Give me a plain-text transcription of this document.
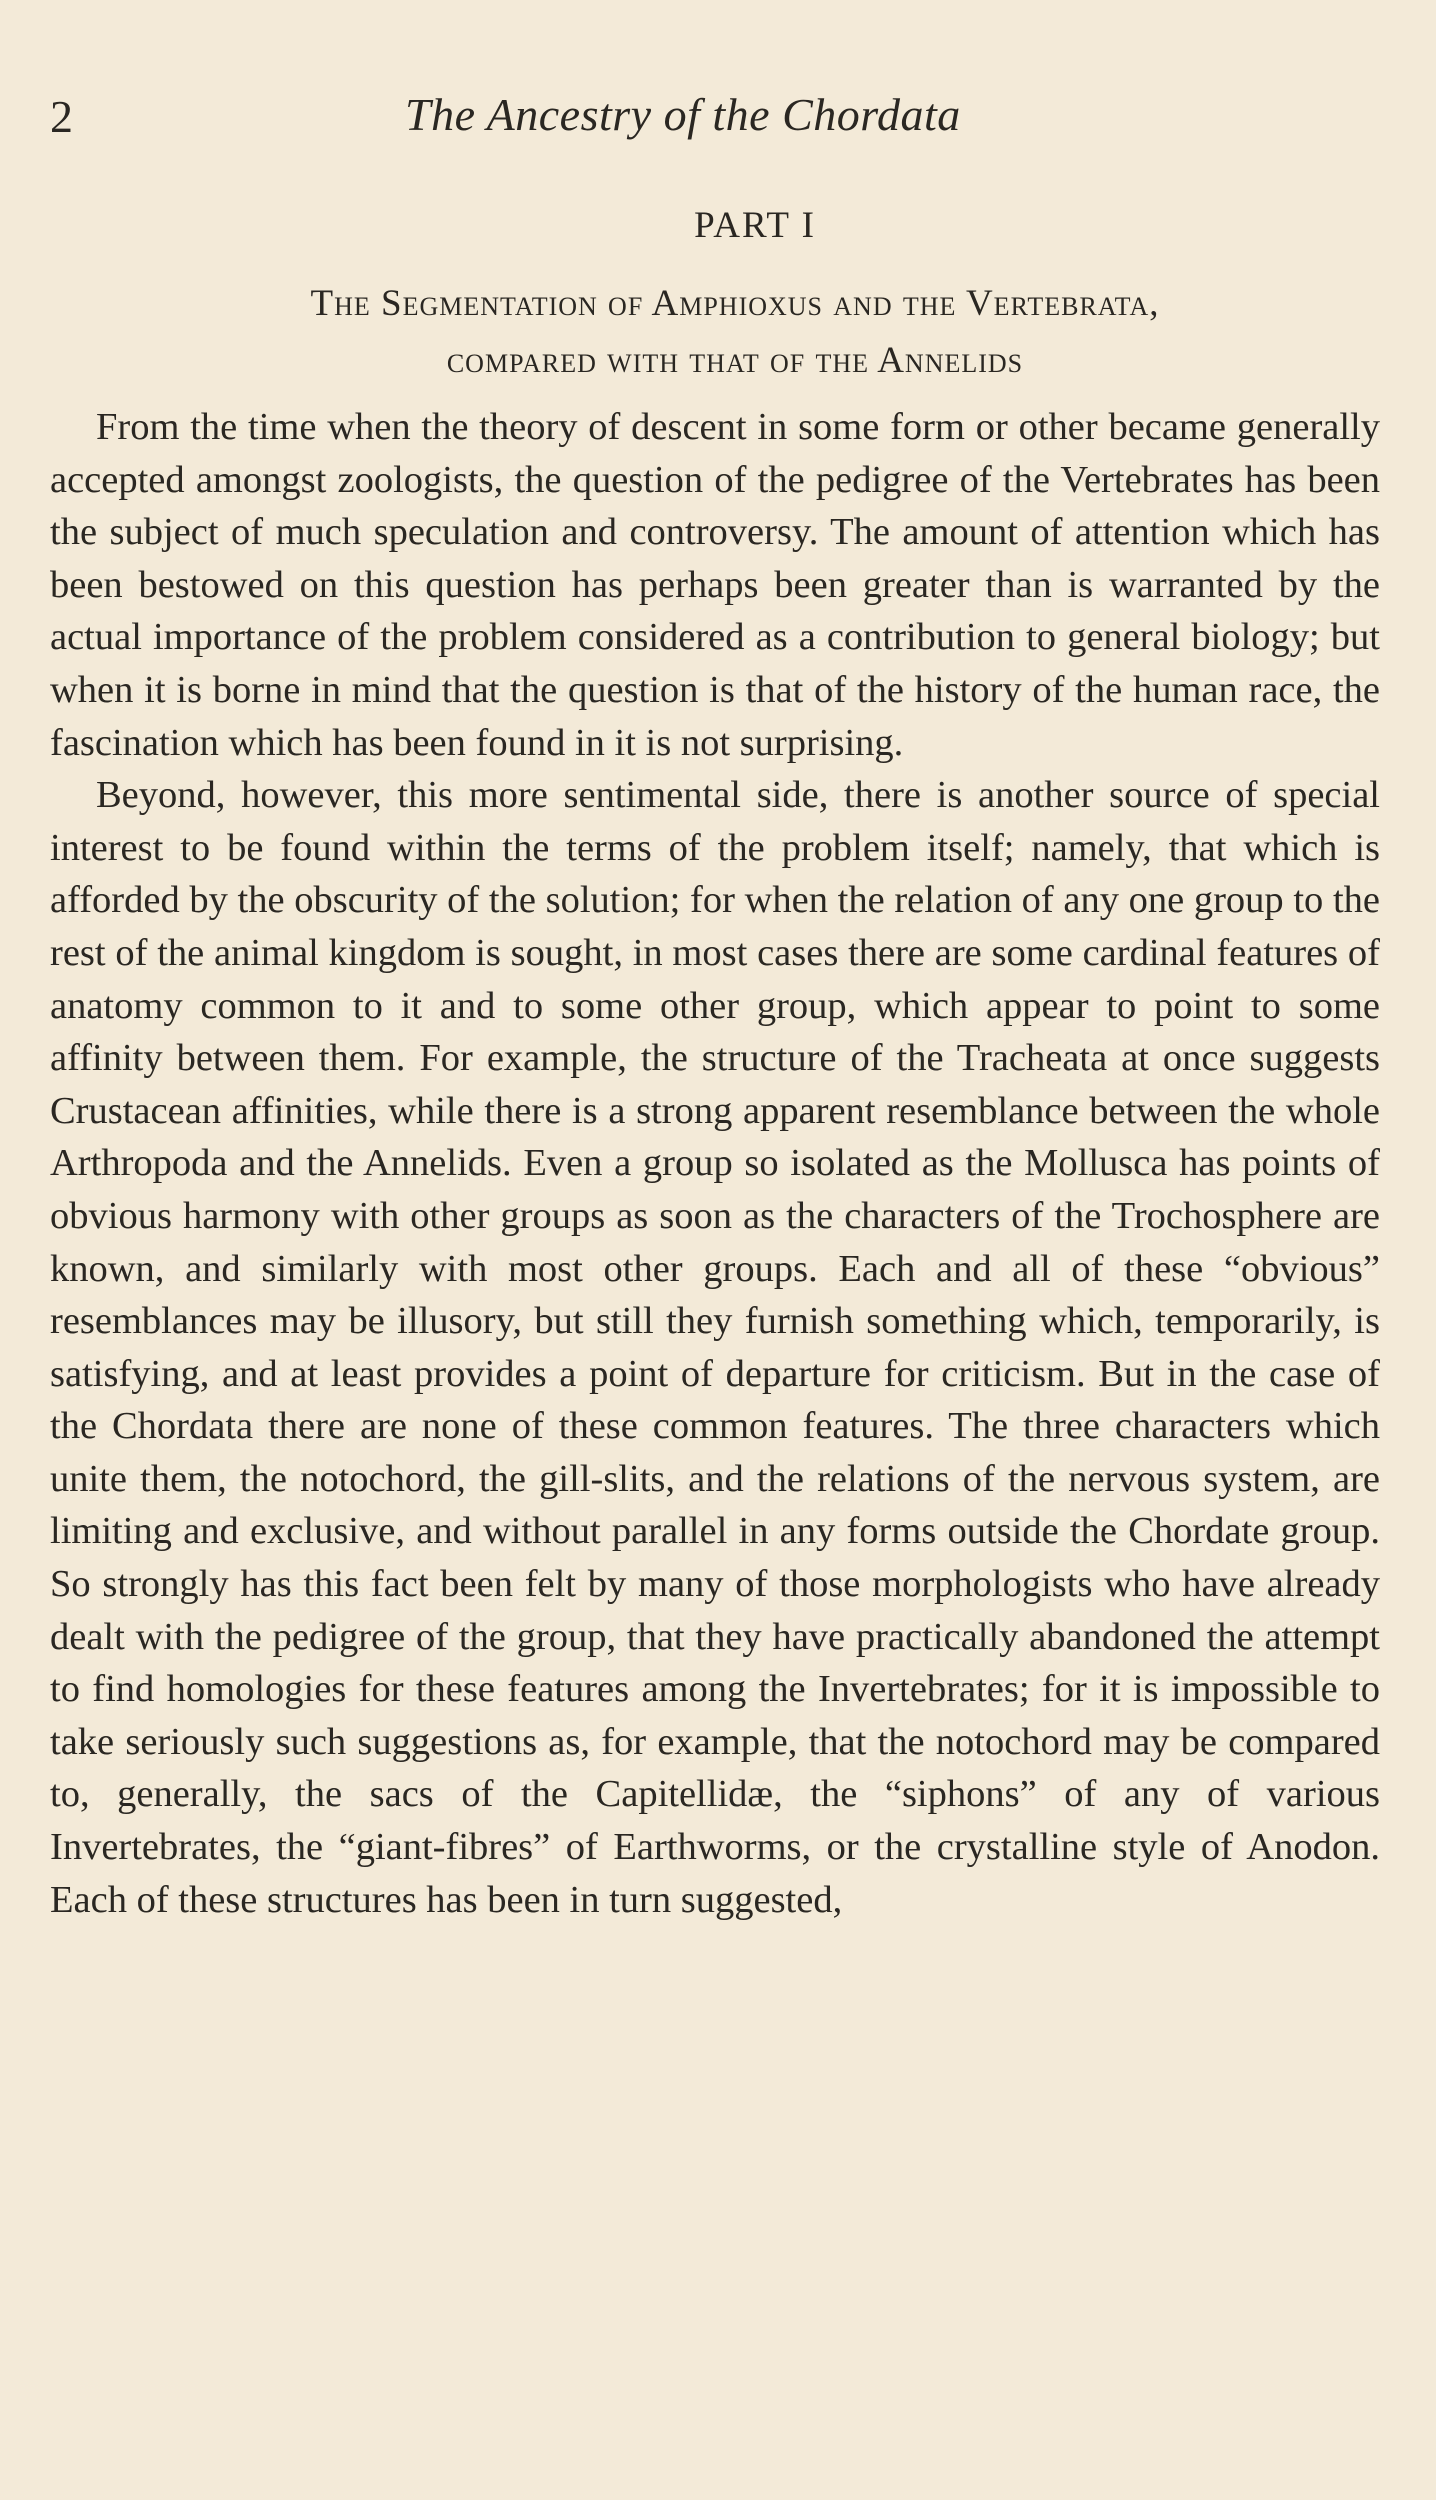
2	The Ancestry of the Chordata
PART I
The Segmentation of Amphioxus and the Vertebrata,
compared with that of the Annelids

From the time when the theory of descent in some form or other became generally accepted amongst zoologists, the question of the pedigree of the Vertebrates has been the subject of much speculation and controversy. The amount of attention which has been bestowed on this question has perhaps been greater than is warranted by the actual importance of the problem considered as a contribution to general biology; but when it is borne in mind that the question is that of the history of the human race, the fascination which has been found in it is not surprising.

Beyond, however, this more sentimental side, there is another source of special interest to be found within the terms of the problem itself; namely, that which is afforded by the obscurity of the solution; for when the relation of any one group to the rest of the animal kingdom is sought, in most cases there are some cardinal features of anatomy common to it and to some other group, which appear to point to some affinity between them. For example, the structure of the Tracheata at once suggests Crustacean affinities, while there is a strong apparent resemblance between the whole Arthropoda and the Annelids. Even a group so isolated as the Mollusca has points of obvious harmony with other groups as soon as the characters of the Trochosphere are known, and similarly with most other groups. Each and all of these “obvious” resemblances may be illusory, but still they furnish something which, temporarily, is satisfying, and at least provides a point of departure for criticism. But in the case of the Chordata there are none of these common features. The three characters which unite them, the notochord, the gill-slits, and the relations of the nervous system, are limiting and exclusive, and without parallel in any forms outside the Chordate group. So strongly has this fact been felt by many of those morphologists who have already dealt with the pedigree of the group, that they have practically abandoned the attempt to find homologies for these features among the Invertebrates; for it is impossible to take seriously such suggestions as, for example, that the notochord may be compared to, generally, the sacs of the Capitellidæ, the “siphons” of any of various Invertebrates, the “giant-fibres” of Earthworms, or the crystalline style of Anodon. Each of these structures has been in turn suggested,
